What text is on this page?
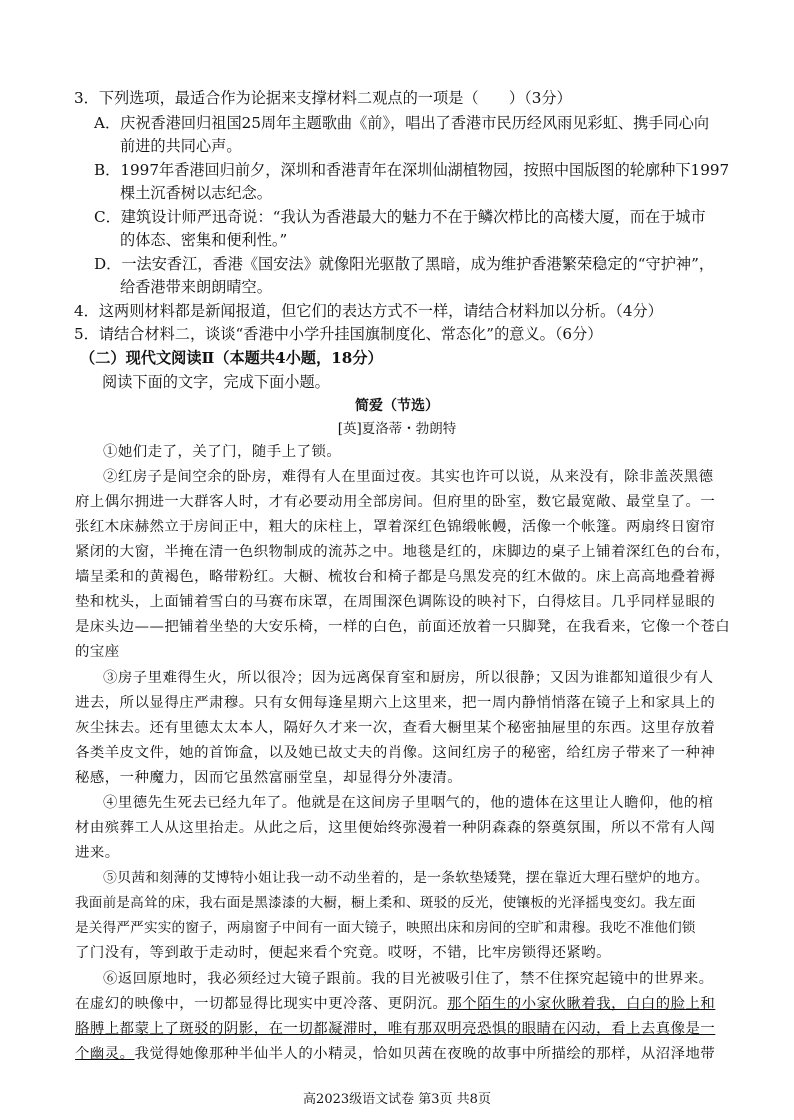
3．下列选项，最适合作为论据来支撑材料二观点的一项是（　　）（3分）
A．庆祝香港回归祖国25周年主题歌曲《前》，唱出了香港市民历经风雨见彩虹、携手同心向
前进的共同心声。
B．1997年香港回归前夕，深圳和香港青年在深圳仙湖植物园，按照中国版图的轮廓种下1997
棵土沉香树以志纪念。
C．建筑设计师严迅奇说：“我认为香港最大的魅力不在于鳞次栉比的高楼大厦，而在于城市
的体态、密集和便利性。”
D．一法安香江，香港《国安法》就像阳光驱散了黑暗，成为维护香港繁荣稳定的“守护神”，
给香港带来朗朗晴空。
4．这两则材料都是新闻报道，但它们的表达方式不一样，请结合材料加以分析。（4分）
5．请结合材料二，谈谈“香港中小学升挂国旗制度化、常态化”的意义。（6分）
（二）现代文阅读Ⅱ（本题共4小题，18分）
阅读下面的文字，完成下面小题。
简爱（节选）
[英]夏洛蒂・勃朗特
①她们走了，关了门，随手上了锁。
②红房子是间空余的卧房，难得有人在里面过夜。其实也许可以说，从来没有，除非盖茨黑德
府上偶尔拥进一大群客人时，才有必要动用全部房间。但府里的卧室，数它最宽敞、最堂皇了。一
张红木床赫然立于房间正中，粗大的床柱上，罩着深红色锦缎帐幔，活像一个帐篷。两扇终日窗帘
紧闭的大窗，半掩在清一色织物制成的流苏之中。地毯是红的，床脚边的桌子上铺着深红色的台布，
墙呈柔和的黄褐色，略带粉红。大橱、梳妆台和椅子都是乌黑发亮的红木做的。床上高高地叠着褥
垫和枕头，上面铺着雪白的马赛布床罩，在周围深色调陈设的映衬下，白得炫目。几乎同样显眼的
是床头边——把铺着坐垫的大安乐椅，一样的白色，前面还放着一只脚凳，在我看来，它像一个苍白
的宝座
③房子里难得生火，所以很冷；因为远离保育室和厨房，所以很静；又因为谁都知道很少有人
进去，所以显得庄严肃穆。只有女佣每逢星期六上这里来，把一周内静悄悄落在镜子上和家具上的
灰尘抹去。还有里德太太本人，隔好久才来一次，查看大橱里某个秘密抽屉里的东西。这里存放着
各类羊皮文件，她的首饰盒，以及她已故丈夫的肖像。这间红房子的秘密，给红房子带来了一种神
秘感，一种魔力，因而它虽然富丽堂皇，却显得分外凄清。
④里德先生死去已经九年了。他就是在这间房子里咽气的，他的遗体在这里让人瞻仰，他的棺
材由殡葬工人从这里抬走。从此之后，这里便始终弥漫着一种阴森森的祭奠氛围，所以不常有人闯
进来。
⑤贝茜和刻薄的艾博特小姐让我一动不动坐着的，是一条软垫矮凳，摆在靠近大理石壁炉的地方。
我面前是高耸的床，我右面是黑漆漆的大橱，橱上柔和、斑驳的反光，使镶板的光泽摇曳变幻。我左面
是关得严严实实的窗子，两扇窗子中间有一面大镜子，映照出床和房间的空旷和肃穆。我吃不准他们锁
了门没有，等到敢于走动时，便起来看个究竟。哎呀，不错，比牢房锁得还紧哟。
⑥返回原地时，我必须经过大镜子跟前。我的目光被吸引住了，禁不住探究起镜中的世界来。
在虚幻的映像中，一切都显得比现实中更冷落、更阴沉。那个陌生的小家伙瞅着我，白白的脸上和
胳膊上都蒙上了斑驳的阴影，在一切都凝滞时，唯有那双明亮恐惧的眼睛在闪动，看上去真像是一
个幽灵。我觉得她像那种半仙半人的小精灵，恰如贝茜在夜晚的故事中所描绘的那样，从沼泽地带
高2023级语文试卷 第3页 共8页
